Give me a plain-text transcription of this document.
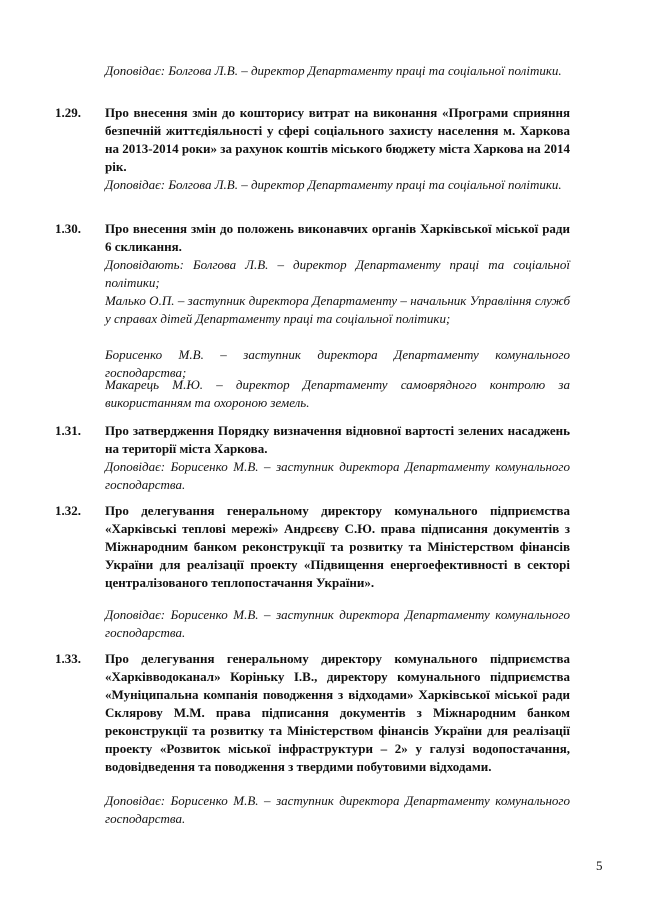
Доповідає: Болгова Л.В. – директор Департаменту праці та соціальної політики.
1.29. Про внесення змін до кошторису витрат на виконання «Програми сприяння безпечній життєдіяльності у сфері соціального захисту населення м. Харкова на 2013-2014 роки» за рахунок коштів міського бюджету міста Харкова на 2014 рік.
Доповідає: Болгова Л.В. – директор Департаменту праці та соціальної політики.
1.30. Про внесення змін до положень виконавчих органів Харківської міської ради 6 скликання.
Доповідають: Болгова Л.В. – директор Департаменту праці та соціальної політики;
Малько О.П. – заступник директора Департаменту – начальник Управління служб у справах дітей Департаменту праці та соціальної політики;
Борисенко М.В. – заступник директора Департаменту комунального господарства;
Макарець М.Ю. – директор Департаменту самоврядного контролю за використанням та охороною земель.
1.31. Про затвердження Порядку визначення відновної вартості зелених насаджень на території міста Харкова.
Доповідає: Борисенко М.В. – заступник директора Департаменту комунального господарства.
1.32. Про делегування генеральному директору комунального підприємства «Харківські теплові мережі» Андрєєву С.Ю. права підписання документів з Міжнародним банком реконструкції та розвитку та Міністерством фінансів України для реалізації проекту «Підвищення енергоефективності в секторі централізованого теплопостачання України».
Доповідає: Борисенко М.В. – заступник директора Департаменту комунального господарства.
1.33. Про делегування генеральному директору комунального підприємства «Харківводоканал» Коріньку І.В., директору комунального підприємства «Муніципальна компанія поводження з відходами» Харківської міської ради Склярову М.М. права підписання документів з Міжнародним банком реконструкції та розвитку та Міністерством фінансів України для реалізації проекту «Розвиток міської інфраструктури – 2» у галузі водопостачання, водовідведення та поводження з твердими побутовими відходами.
Доповідає: Борисенко М.В. – заступник директора Департаменту комунального господарства.
5
